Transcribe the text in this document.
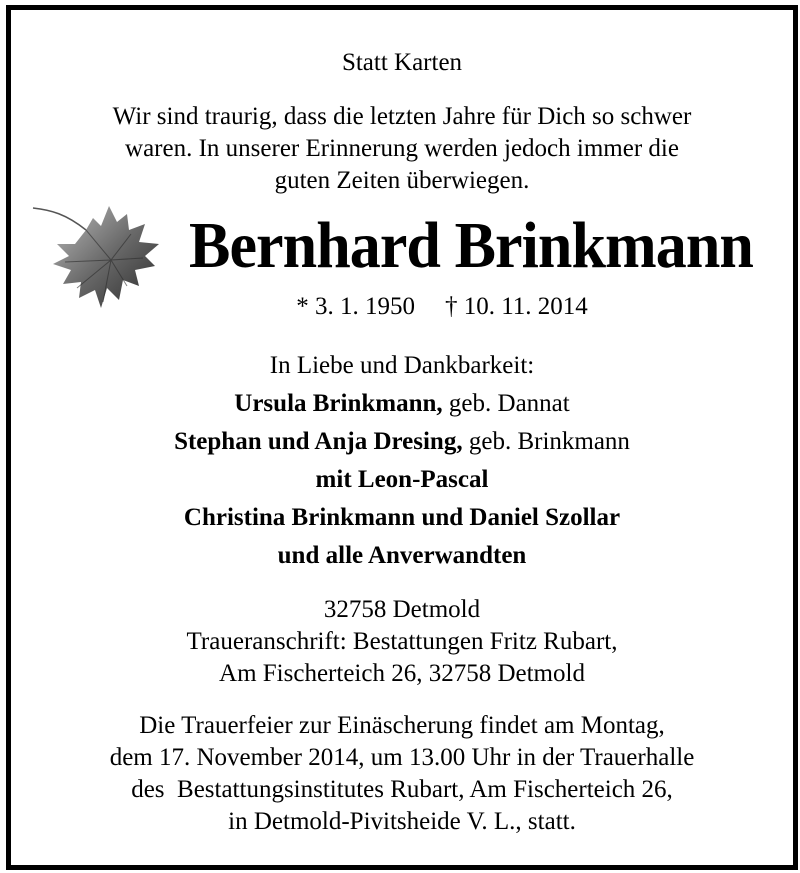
Statt Karten
Wir sind traurig, dass die letzten Jahre für Dich so schwer
waren. In unserer Erinnerung werden jedoch immer die
guten Zeiten überwiegen.
Bernhard Brinkmann
* 3. 1. 1950 † 10. 11. 2014
In Liebe und Dankbarkeit:
Ursula Brinkmann, geb. Dannat
Stephan und Anja Dresing, geb. Brinkmann
mit Leon-Pascal
Christina Brinkmann und Daniel Szollar
und alle Anverwandten
32758 Detmold
Traueranschrift: Bestattungen Fritz Rubart,
Am Fischerteich 26, 32758 Detmold
Die Trauerfeier zur Einäscherung findet am Montag,
dem 17. November 2014, um 13.00 Uhr in der Trauerhalle
des  Bestattungsinstitutes Rubart, Am Fischerteich 26,
in Detmold-Pivitsheide V. L., statt.
